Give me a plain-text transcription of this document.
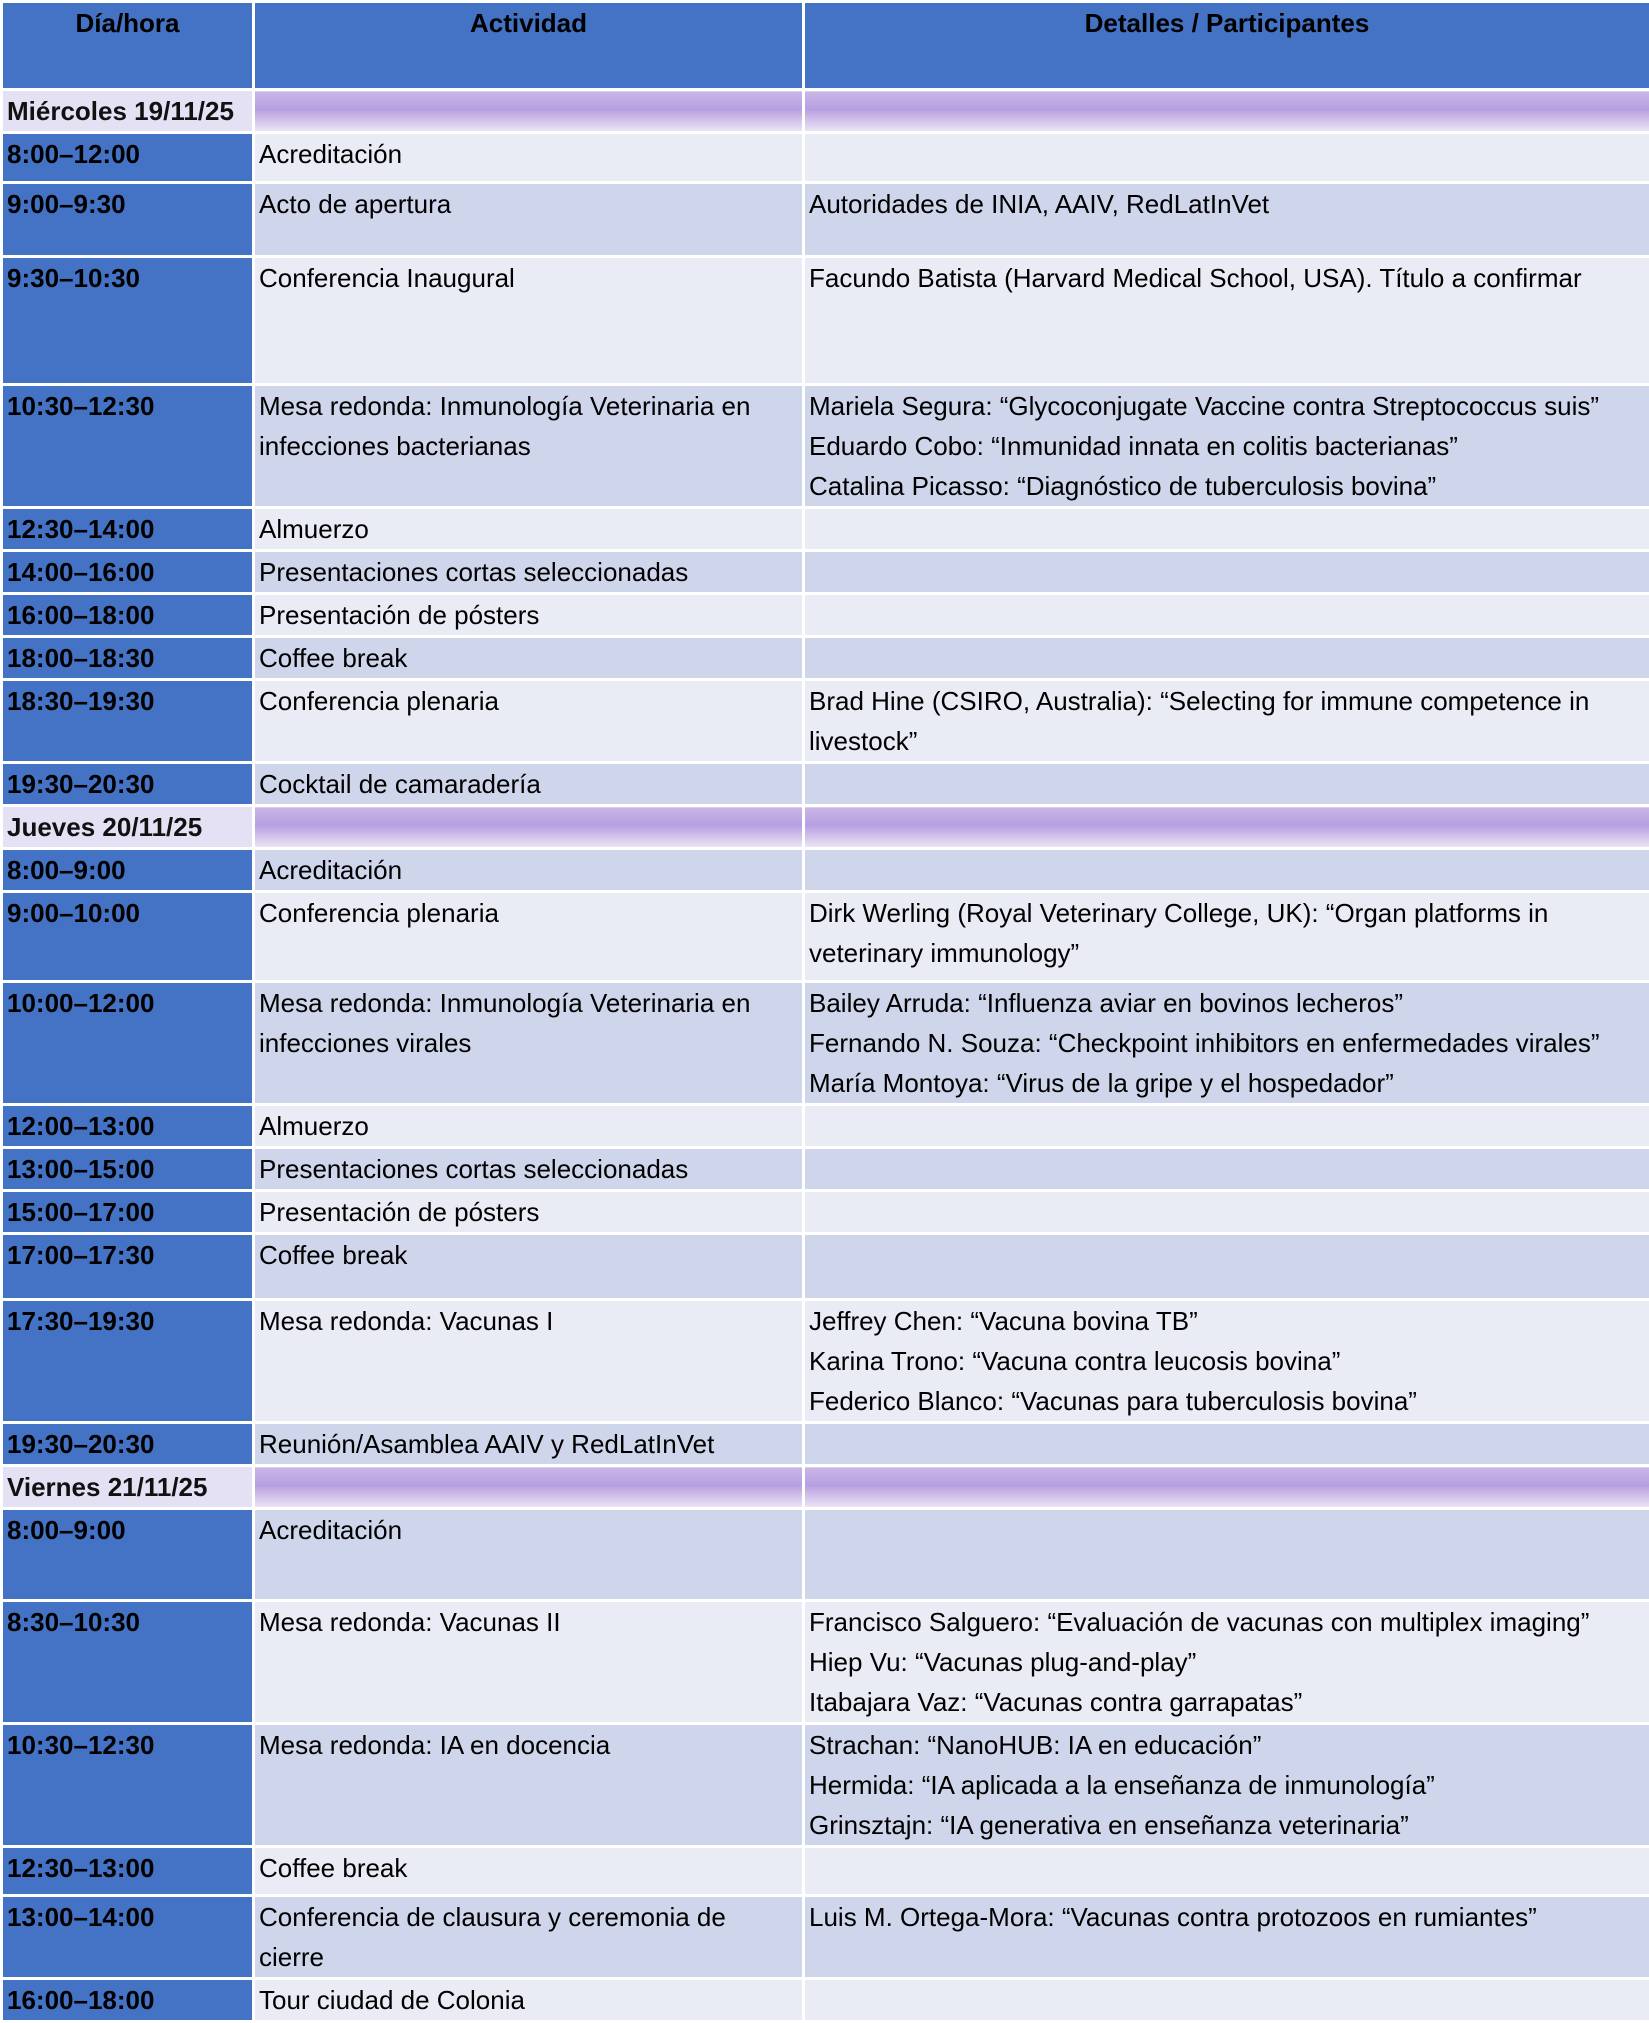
Día/hora	Actividad	Detalles / Participantes
Miércoles 19/11/25		
8:00–12:00	Acreditación	

9:00–9:30	Acto de apertura	Autoridades de INIA, AAIV, RedLatInVet

9:30–10:30	Conferencia Inaugural	Facundo Batista (Harvard Medical School, USA). Título a confirmar

10:30–12:30	Mesa redonda: Inmunología Veterinaria en
infecciones bacterianas	Mariela Segura: “Glycoconjugate Vaccine contra Streptococcus suis”
Eduardo Cobo: “Inmunidad innata en colitis bacterianas”
Catalina Picasso: “Diagnóstico de tuberculosis bovina”

12:30–14:00	Almuerzo	

14:00–16:00	Presentaciones cortas seleccionadas	

16:00–18:00	Presentación de pósters	

18:00–18:30	Coffee break	

18:30–19:30	Conferencia plenaria	Brad Hine (CSIRO, Australia): “Selecting for immune competence in
livestock”

19:30–20:30	Cocktail de camaradería	

Jueves 20/11/25		
8:00–9:00	Acreditación	

9:00–10:00	Conferencia plenaria	Dirk Werling (Royal Veterinary College, UK): “Organ platforms in
veterinary immunology”

10:00–12:00	Mesa redonda: Inmunología Veterinaria en
infecciones virales	Bailey Arruda: “Influenza aviar en bovinos lecheros”
Fernando N. Souza: “Checkpoint inhibitors en enfermedades virales”
María Montoya: “Virus de la gripe y el hospedador”

12:00–13:00	Almuerzo	

13:00–15:00	Presentaciones cortas seleccionadas	

15:00–17:00	Presentación de pósters	

17:00–17:30	Coffee break	

17:30–19:30	Mesa redonda: Vacunas I	Jeffrey Chen: “Vacuna bovina TB”
Karina Trono: “Vacuna contra leucosis bovina”
Federico Blanco: “Vacunas para tuberculosis bovina”

19:30–20:30	Reunión/Asamblea AAIV y RedLatInVet	

Viernes 21/11/25		
8:00–9:00	Acreditación	

8:30–10:30	Mesa redonda: Vacunas II	Francisco Salguero: “Evaluación de vacunas con multiplex imaging”
Hiep Vu: “Vacunas plug-and-play”
Itabajara Vaz: “Vacunas contra garrapatas”

10:30–12:30	Mesa redonda: IA en docencia	Strachan: “NanoHUB: IA en educación”
Hermida: “IA aplicada a la enseñanza de inmunología”
Grinsztajn: “IA generativa en enseñanza veterinaria”

12:30–13:00	Coffee break	

13:00–14:00	Conferencia de clausura y ceremonia de
cierre	Luis M. Ortega-Mora: “Vacunas contra protozoos en rumiantes”

16:00–18:00	Tour ciudad de Colonia	
